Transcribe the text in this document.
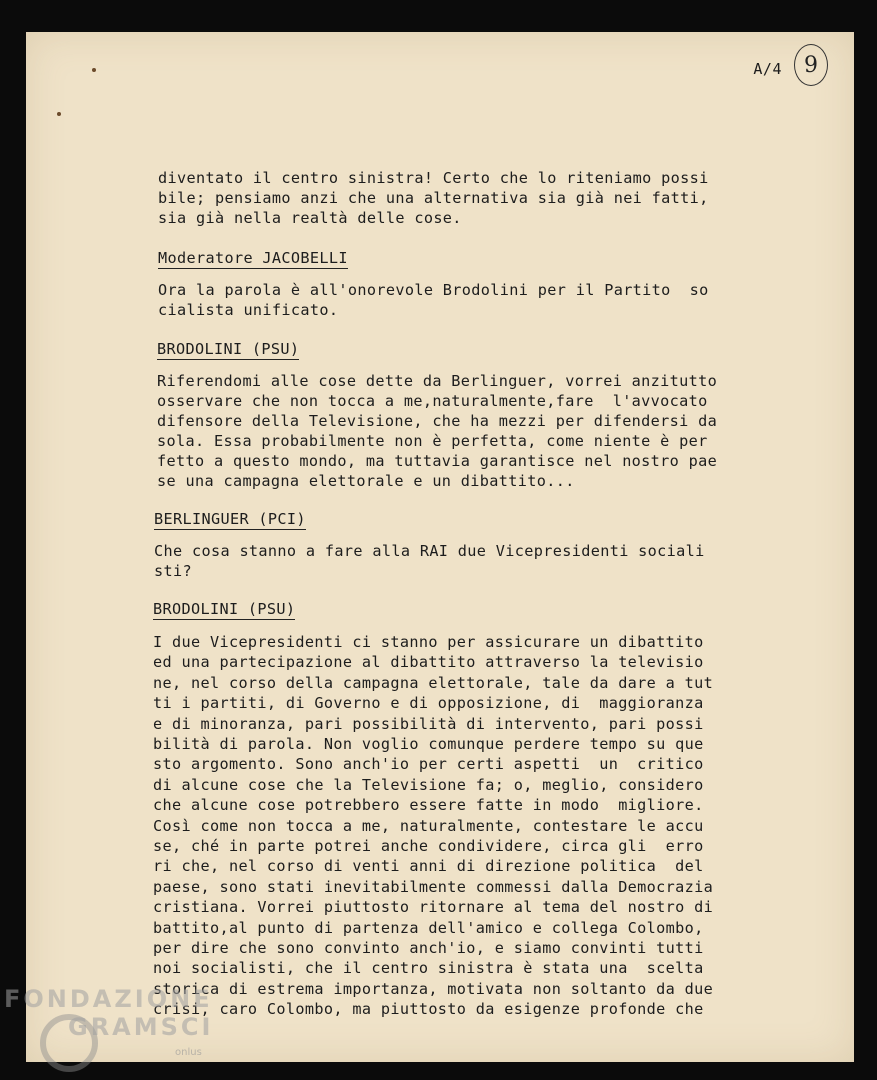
A/4	9
diventato il centro sinistra! Certo che lo riteniamo possi
bile; pensiamo anzi che una alternativa sia già nei fatti,
sia già nella realtà delle cose.
Moderatore JACOBELLI
Ora la parola è all'onorevole Brodolini per il Partito  so
cialista unificato.
BRODOLINI (PSU)
Riferendomi alle cose dette da Berlinguer, vorrei anzitutto
osservare che non tocca a me,naturalmente,fare  l'avvocato
difensore della Televisione, che ha mezzi per difendersi da
sola. Essa probabilmente non è perfetta, come niente è per
fetto a questo mondo, ma tuttavia garantisce nel nostro pae
se una campagna elettorale e un dibattito...
BERLINGUER (PCI)
Che cosa stanno a fare alla RAI due Vicepresidenti sociali
sti?
BRODOLINI (PSU)
I due Vicepresidenti ci stanno per assicurare un dibattito
ed una partecipazione al dibattito attraverso la televisio
ne, nel corso della campagna elettorale, tale da dare a tut
ti i partiti, di Governo e di opposizione, di  maggioranza
e di minoranza, pari possibilità di intervento, pari possi
bilità di parola. Non voglio comunque perdere tempo su que
sto argomento. Sono anch'io per certi aspetti  un  critico
di alcune cose che la Televisione fa; o, meglio, considero
che alcune cose potrebbero essere fatte in modo  migliore.
Così come non tocca a me, naturalmente, contestare le accu
se, ché in parte potrei anche condividere, circa gli  erro
ri che, nel corso di venti anni di direzione politica  del
paese, sono stati inevitabilmente commessi dalla Democrazia
cristiana. Vorrei piuttosto ritornare al tema del nostro di
battito,al punto di partenza dell'amico e collega Colombo,
per dire che sono convinto anch'io, e siamo convinti tutti
noi socialisti, che il centro sinistra è stata una  scelta
storica di estrema importanza, motivata non soltanto da due
crisi, caro Colombo, ma piuttosto da esigenze profonde che
FONDAZIONE
GRAMSCI
onlus
